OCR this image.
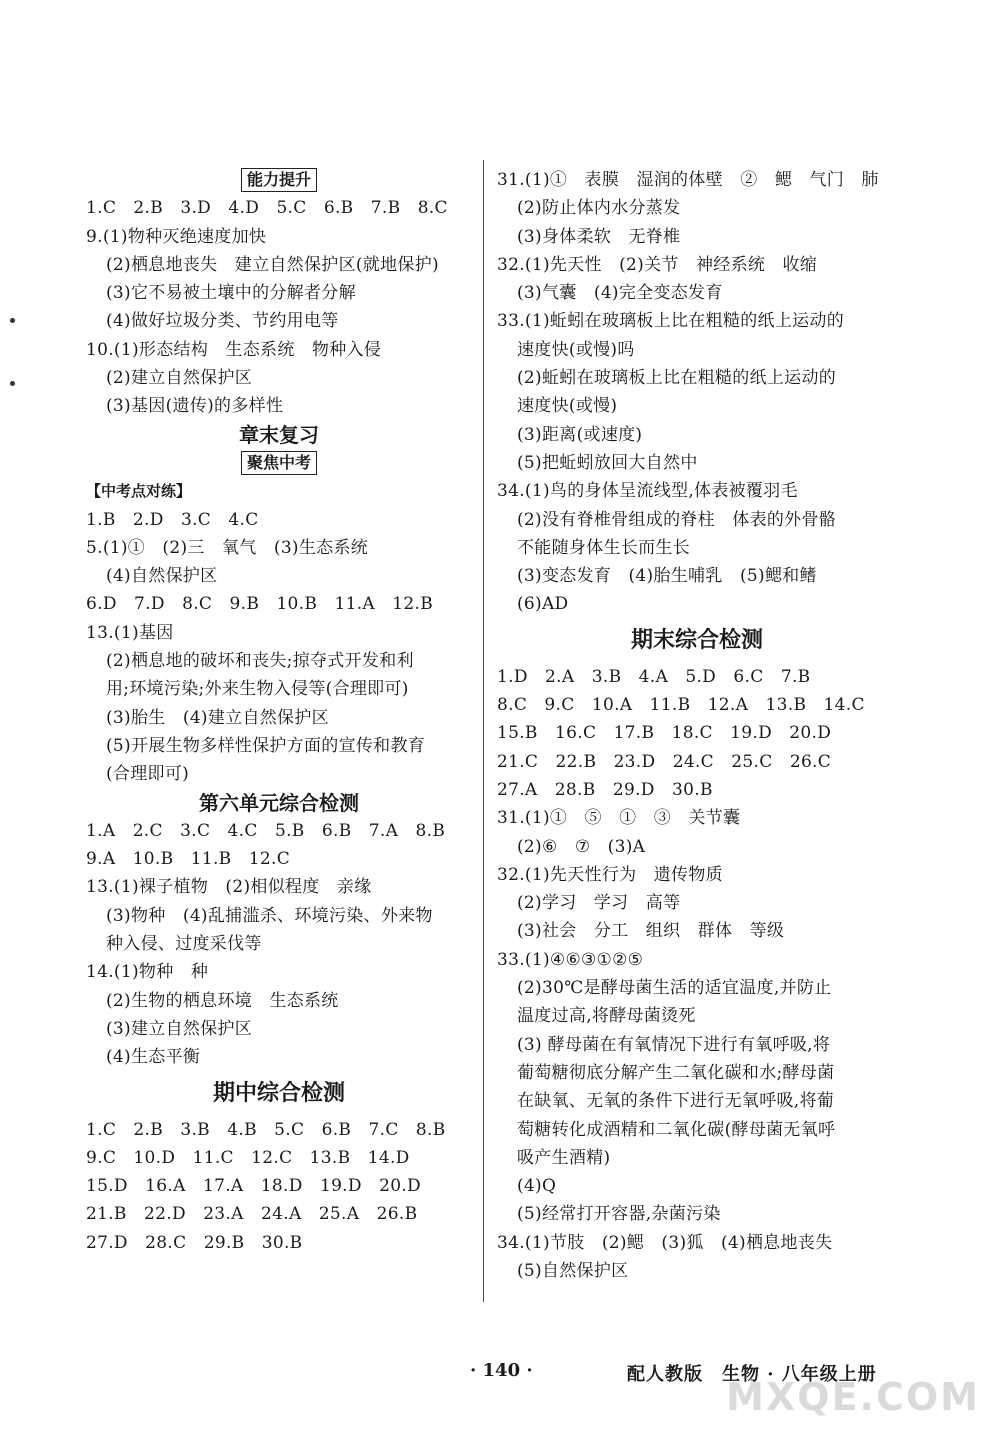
能力提升
1.C　2.B　3.D　4.D　5.C　6.B　7.B　8.C
9.(1)物种灭绝速度加快
(2)栖息地丧失　建立自然保护区(就地保护)
(3)它不易被土壤中的分解者分解
(4)做好垃圾分类、节约用电等
10.(1)形态结构　生态系统　物种入侵
(2)建立自然保护区
(3)基因(遗传)的多样性
章末复习
聚焦中考
【中考点对练】
1.B　2.D　3.C　4.C
5.(1)①　(2)三　氧气　(3)生态系统
(4)自然保护区
6.D　7.D　8.C　9.B　10.B　11.A　12.B
13.(1)基因
(2)栖息地的破坏和丧失;掠夺式开发和利
用;环境污染;外来生物入侵等(合理即可)
(3)胎生　(4)建立自然保护区
(5)开展生物多样性保护方面的宣传和教育
(合理即可)
第六单元综合检测
1.A　2.C　3.C　4.C　5.B　6.B　7.A　8.B
9.A　10.B　11.B　12.C
13.(1)裸子植物　(2)相似程度　亲缘
(3)物种　(4)乱捕滥杀、环境污染、外来物
种入侵、过度采伐等
14.(1)物种　种
(2)生物的栖息环境　生态系统
(3)建立自然保护区
(4)生态平衡
期中综合检测
1.C　2.B　3.B　4.B　5.C　6.B　7.C　8.B
9.C　10.D　11.C　12.C　13.B　14.D
15.D　16.A　17.A　18.D　19.D　20.D
21.B　22.D　23.A　24.A　25.A　26.B
27.D　28.C　29.B　30.B
31.(1)①　表膜　湿润的体壁　②　鳃　气门　肺
(2)防止体内水分蒸发
(3)身体柔软　无脊椎
32.(1)先天性　(2)关节　神经系统　收缩
(3)气囊　(4)完全变态发育
33.(1)蚯蚓在玻璃板上比在粗糙的纸上运动的
速度快(或慢)吗
(2)蚯蚓在玻璃板上比在粗糙的纸上运动的
速度快(或慢)
(3)距离(或速度)
(5)把蚯蚓放回大自然中
34.(1)鸟的身体呈流线型,体表被覆羽毛
(2)没有脊椎骨组成的脊柱　体表的外骨骼
不能随身体生长而生长
(3)变态发育　(4)胎生哺乳　(5)鳃和鳍
(6)AD
期末综合检测
1.D　2.A　3.B　4.A　5.D　6.C　7.B
8.C　9.C　10.A　11.B　12.A　13.B　14.C
15.B　16.C　17.B　18.C　19.D　20.D
21.C　22.B　23.D　24.C　25.C　26.C
27.A　28.B　29.D　30.B
31.(1)①　⑤　①　③　关节囊
(2)⑥　⑦　(3)A
32.(1)先天性行为　遗传物质
(2)学习　学习　高等
(3)社会　分工　组织　群体　等级
33.(1)④⑥③①②⑤
(2)30℃是酵母菌生活的适宜温度,并防止
温度过高,将酵母菌烫死
(3) 酵母菌在有氧情况下进行有氧呼吸,将
葡萄糖彻底分解产生二氧化碳和水;酵母菌
在缺氧、无氧的条件下进行无氧呼吸,将葡
萄糖转化成酒精和二氧化碳(酵母菌无氧呼
吸产生酒精)
(4)Q
(5)经常打开容器,杂菌污染
34.(1)节肢　(2)鳃　(3)狐　(4)栖息地丧失
(5)自然保护区
· 140 ·	配人教版　生物 · 八年级上册
MXQE.COM
